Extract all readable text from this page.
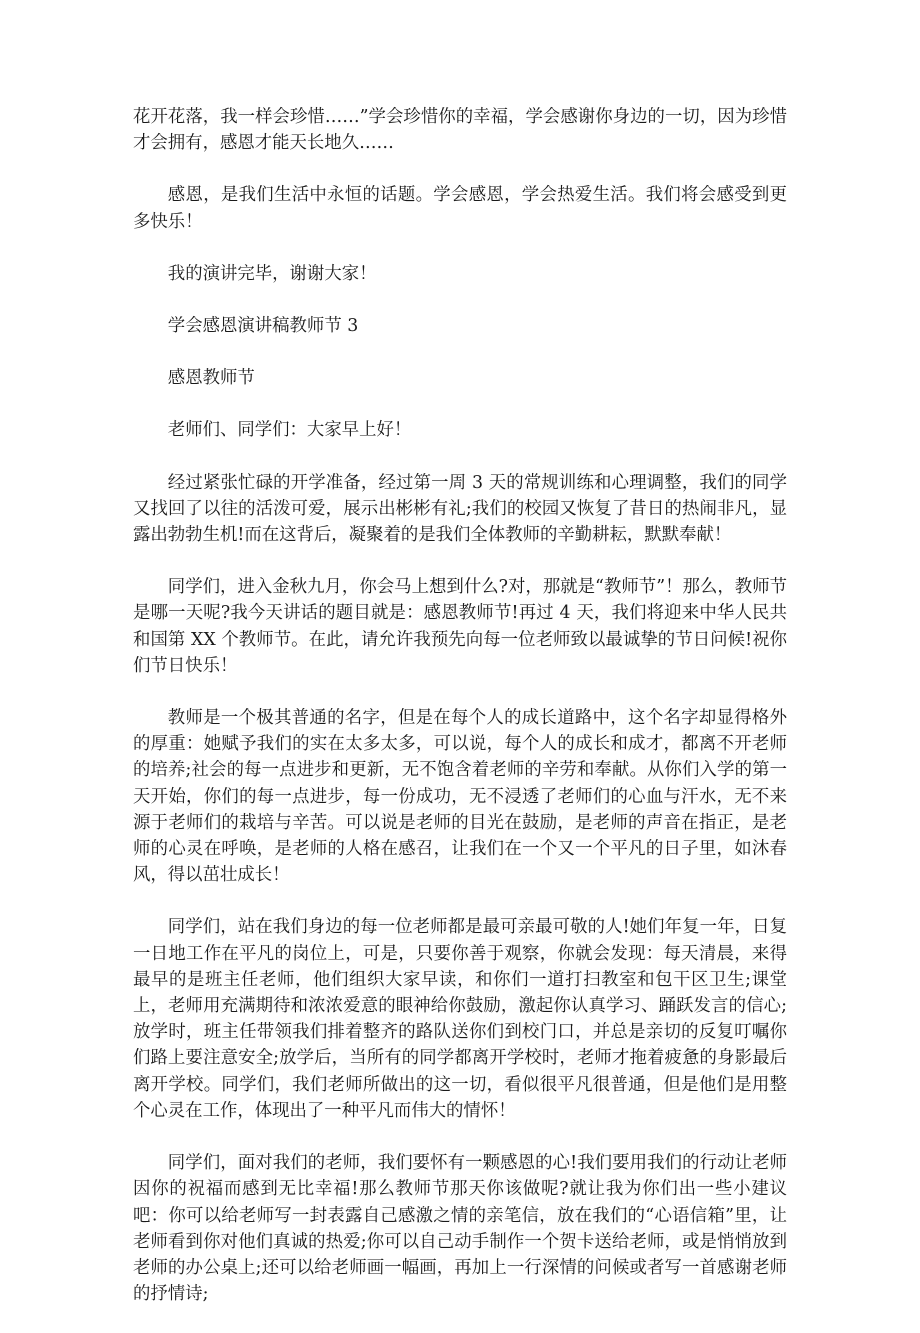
花开花落，我一样会珍惜……”学会珍惜你的幸福，学会感谢你身边的一切，因为珍惜才会拥有，感恩才能天长地久……

感恩，是我们生活中永恒的话题。学会感恩，学会热爱生活。我们将会感受到更多快乐！

我的演讲完毕，谢谢大家！

学会感恩演讲稿教师节 3

感恩教师节

老师们、同学们：大家早上好！

经过紧张忙碌的开学准备，经过第一周 3 天的常规训练和心理调整，我们的同学又找回了以往的活泼可爱，展示出彬彬有礼;我们的校园又恢复了昔日的热闹非凡，显露出勃勃生机!而在这背后，凝聚着的是我们全体教师的辛勤耕耘，默默奉献！

同学们，进入金秋九月，你会马上想到什么?对，那就是“教师节”！那么，教师节是哪一天呢?我今天讲话的题目就是：感恩教师节!再过 4 天，我们将迎来中华人民共和国第 XX 个教师节。在此，请允许我预先向每一位老师致以最诚挚的节日问候!祝你们节日快乐！

教师是一个极其普通的名字，但是在每个人的成长道路中，这个名字却显得格外的厚重：她赋予我们的实在太多太多，可以说，每个人的成长和成才，都离不开老师的培养;社会的每一点进步和更新，无不饱含着老师的辛劳和奉献。从你们入学的第一天开始，你们的每一点进步，每一份成功，无不浸透了老师们的心血与汗水，无不来源于老师们的栽培与辛苦。可以说是老师的目光在鼓励，是老师的声音在指正，是老师的心灵在呼唤，是老师的人格在感召，让我们在一个又一个平凡的日子里，如沐春风，得以茁壮成长！

同学们，站在我们身边的每一位老师都是最可亲最可敬的人!她们年复一年，日复一日地工作在平凡的岗位上，可是，只要你善于观察，你就会发现：每天清晨，来得最早的是班主任老师，他们组织大家早读，和你们一道打扫教室和包干区卫生;课堂上，老师用充满期待和浓浓爱意的眼神给你鼓励，激起你认真学习、踊跃发言的信心;放学时，班主任带领我们排着整齐的路队送你们到校门口，并总是亲切的反复叮嘱你们路上要注意安全;放学后，当所有的同学都离开学校时，老师才拖着疲惫的身影最后离开学校。同学们，我们老师所做出的这一切，看似很平凡很普通，但是他们是用整个心灵在工作，体现出了一种平凡而伟大的情怀！

同学们，面对我们的老师，我们要怀有一颗感恩的心!我们要用我们的行动让老师因你的祝福而感到无比幸福!那么教师节那天你该做呢?就让我为你们出一些小建议吧：你可以给老师写一封表露自己感激之情的亲笔信，放在我们的“心语信箱”里，让老师看到你对他们真诚的热爱;你可以自己动手制作一个贺卡送给老师，或是悄悄放到老师的办公桌上;还可以给老师画一幅画，再加上一行深情的问候或者写一首感谢老师的抒情诗;
